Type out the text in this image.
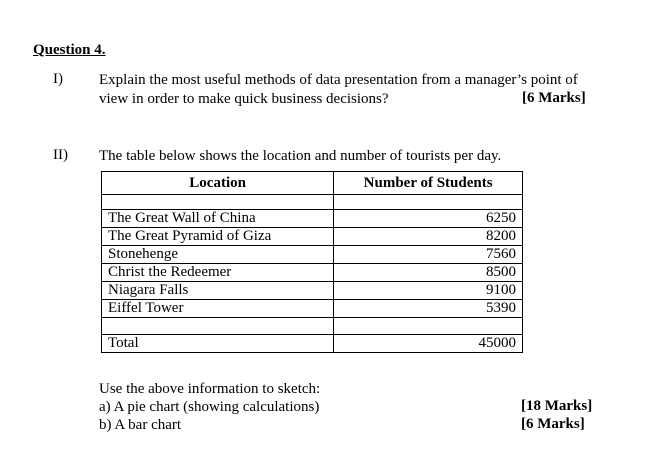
Question 4.
I) Explain the most useful methods of data presentation from a manager’s point of
view in order to make quick business decisions?	[6 Marks]
II) The table below shows the location and number of tourists per day.
Location	Number of Students

The Great Wall of China	6250
The Great Pyramid of Giza	8200
Stonehenge	7560
Christ the Redeemer	8500
Niagara Falls	9100
Eiffel Tower	5390

Total	45000
Use the above information to sketch:
a) A pie chart (showing calculations)	[18 Marks]
b) A bar chart	[6 Marks]
